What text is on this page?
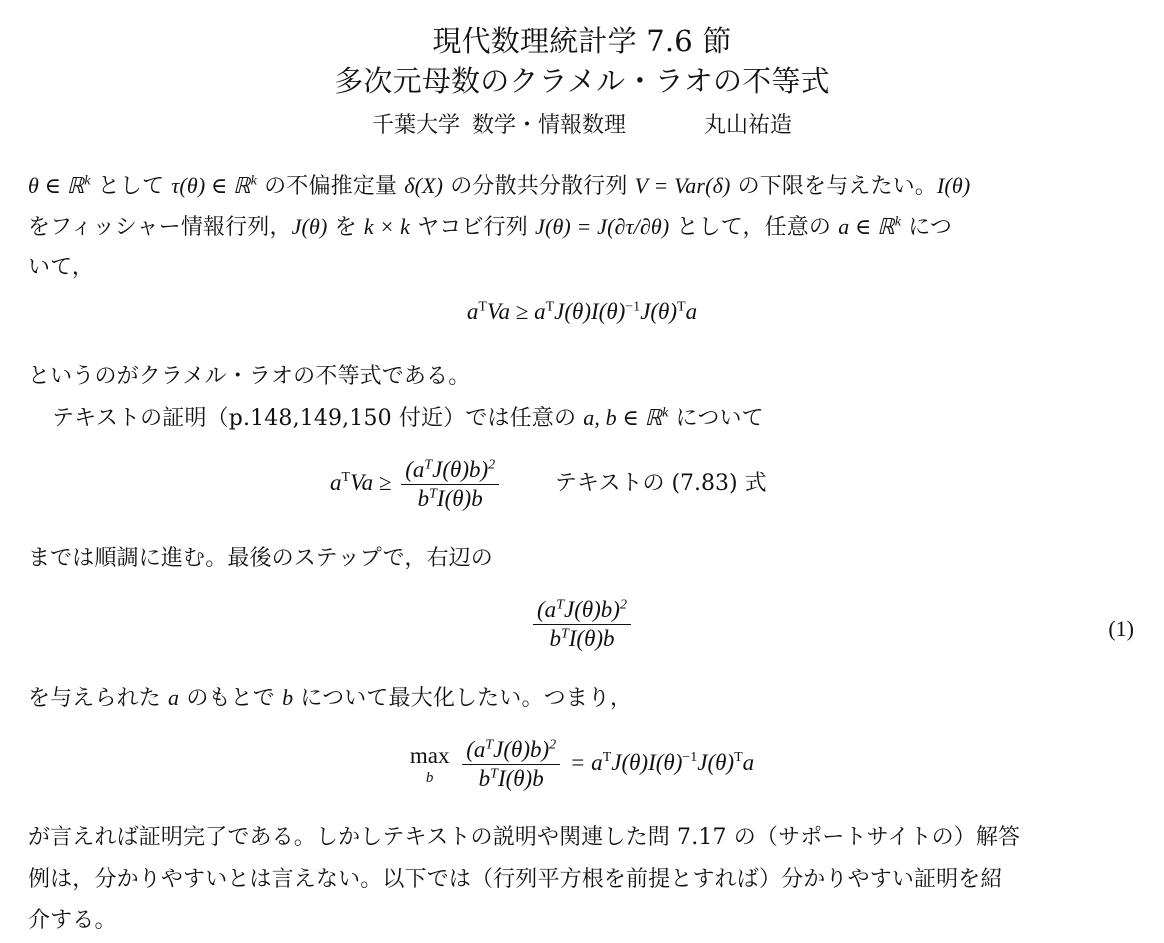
現代数理統計学 7.6 節
多次元母数のクラメル・ラオの不等式
千葉大学 数学・情報数理	丸山祐造
θ ∈ ℝ$^k$ として τ(θ) ∈ ℝ$^k$ の不偏推定量 δ(X) の分散共分散行列 V = Var(δ) の下限を与えたい。I(θ)
をフィッシャー情報行列，J(θ) を k × k ヤコビ行列 J(θ) = J(∂τ/∂θ) として，任意の a ∈ ℝ$^k$ につ
いて，
$a^TVa \ge a^TJ(\theta)I(\theta)^{-1}J(\theta)^Ta$
というのがクラメル・ラオの不等式である。
テキストの証明（p.148,149,150 付近）では任意の a, b ∈ ℝ$^k$ について
$a^TVa \ge \frac{(a^TJ(\theta)b)^2}{b^TI(\theta)b}$	テキストの (7.83) 式
までは順調に進む。最後のステップで，右辺の
$\frac{(a^TJ(\theta)b)^2}{b^TI(\theta)b}$	(1)
を与えられた a のもとで b について最大化したい。つまり，
max
b
	$\frac{(a^TJ(\theta)b)^2}{b^TI(\theta)b} = a^TJ(\theta)I(\theta)^{-1}J(\theta)^Ta$
が言えれば証明完了である。しかしテキストの説明や関連した問 7.17 の（サポートサイトの）解答
例は，分かりやすいとは言えない。以下では（行列平方根を前提とすれば）分かりやすい証明を紹
介する。
